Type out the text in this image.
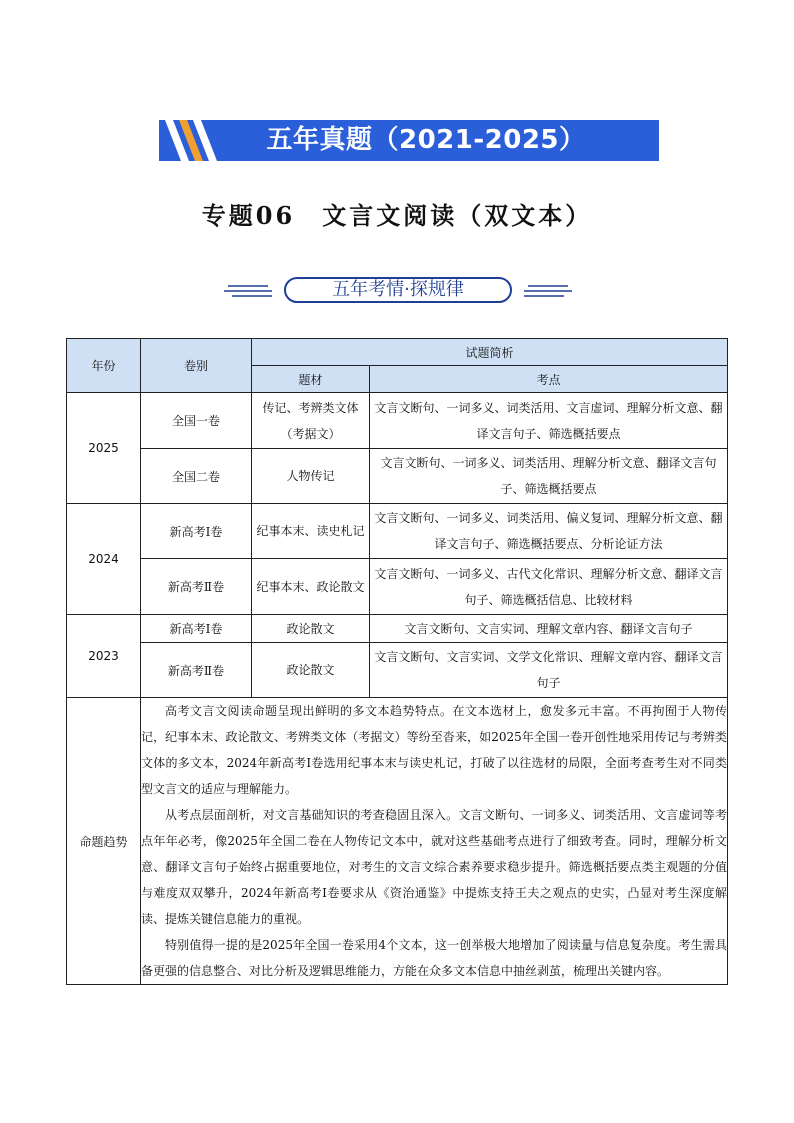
五年真题（2021-2025）
专题06　文言文阅读（双文本）
五年考情·探规律
年份	卷别	试题简析	
		题材	考点
2025	全国一卷	传记、考辨类文体（考据文）	文言文断句、一词多义、词类活用、文言虚词、理解分析文意、翻译文言句子、筛选概括要点
	全国二卷	人物传记	文言文断句、一词多义、词类活用、理解分析文意、翻译文言句子、筛选概括要点
2024	新高考Ⅰ卷	纪事本末、读史札记	文言文断句、一词多义、词类活用、偏义复词、理解分析文意、翻译文言句子、筛选概括要点、分析论证方法
	新高考Ⅱ卷	纪事本末、政论散文	文言文断句、一词多义、古代文化常识、理解分析文意、翻译文言句子、筛选概括信息、比较材料
2023	新高考Ⅰ卷	政论散文	文言文断句、文言实词、理解文章内容、翻译文言句子
	新高考Ⅱ卷	政论散文	文言文断句、文言实词、文学文化常识、理解文章内容、翻译文言句子
命题趋势	高考文言文阅读命题呈现出鲜明的多文本趋势特点。在文本选材上，愈发多元丰富。不再拘囿于人物传记，纪事本末、政论散文、考辨类文体（考据文）等纷至沓来，如2025年全国一卷开创性地采用传记与考辨类文体的多文本，2024年新高考Ⅰ卷选用纪事本末与读史札记，打破了以往选材的局限，全面考查考生对不同类型文言文的适应与理解能力。

从考点层面剖析，对文言基础知识的考查稳固且深入。文言文断句、一词多义、词类活用、文言虚词等考点年年必考，像2025年全国二卷在人物传记文本中，就对这些基础考点进行了细致考查。同时，理解分析文意、翻译文言句子始终占据重要地位，对考生的文言文综合素养要求稳步提升。筛选概括要点类主观题的分值与难度双双攀升，2024年新高考Ⅰ卷要求从《资治通鉴》中提炼支持王夫之观点的史实，凸显对考生深度解读、提炼关键信息能力的重视。

特别值得一提的是2025年全国一卷采用4个文本，这一创举极大地增加了阅读量与信息复杂度。考生需具备更强的信息整合、对比分析及逻辑思维能力，方能在众多文本信息中抽丝剥茧，梳理出关键内容。		
